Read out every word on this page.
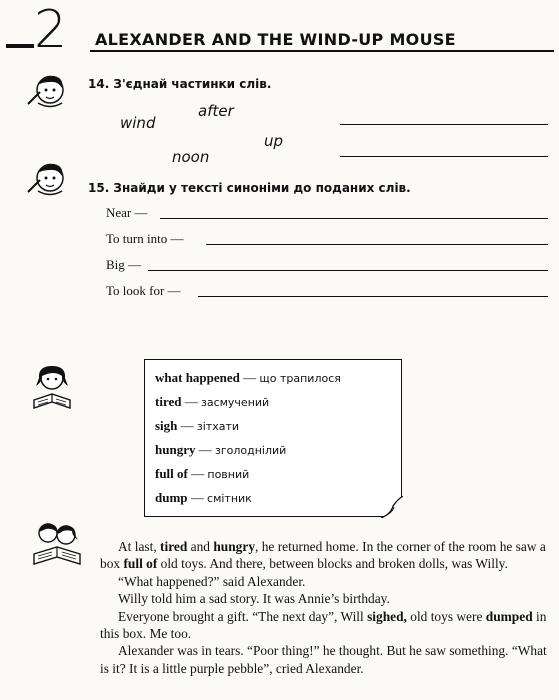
2 ALEXANDER AND THE WIND-UP MOUSE
14. З'єднай частинки слів.
wind
after
up
noon
15. Знайди у тексті синоніми до поданих слів.
Near —
To turn into —
Big —
To look for —
what happened — що трапилося
tired — засмучений
sigh — зітхати
hungry — зголоднілий
full of — повний
dump — смітник

At last, tired and hungry, he returned home. In the corner of the room he saw a box full of old toys. And there, between blocks and broken dolls, was Willy.

“What happened?” said Alexander.

Willy told him a sad story. It was Annie’s birthday.

Everyone brought a gift. “The next day”, Will sighed, old toys were dumped in this box. Me too.

Alexander was in tears. “Poor thing!” he thought. But he saw something. “What is it? It is a little purple pebble”, cried Alexander.
